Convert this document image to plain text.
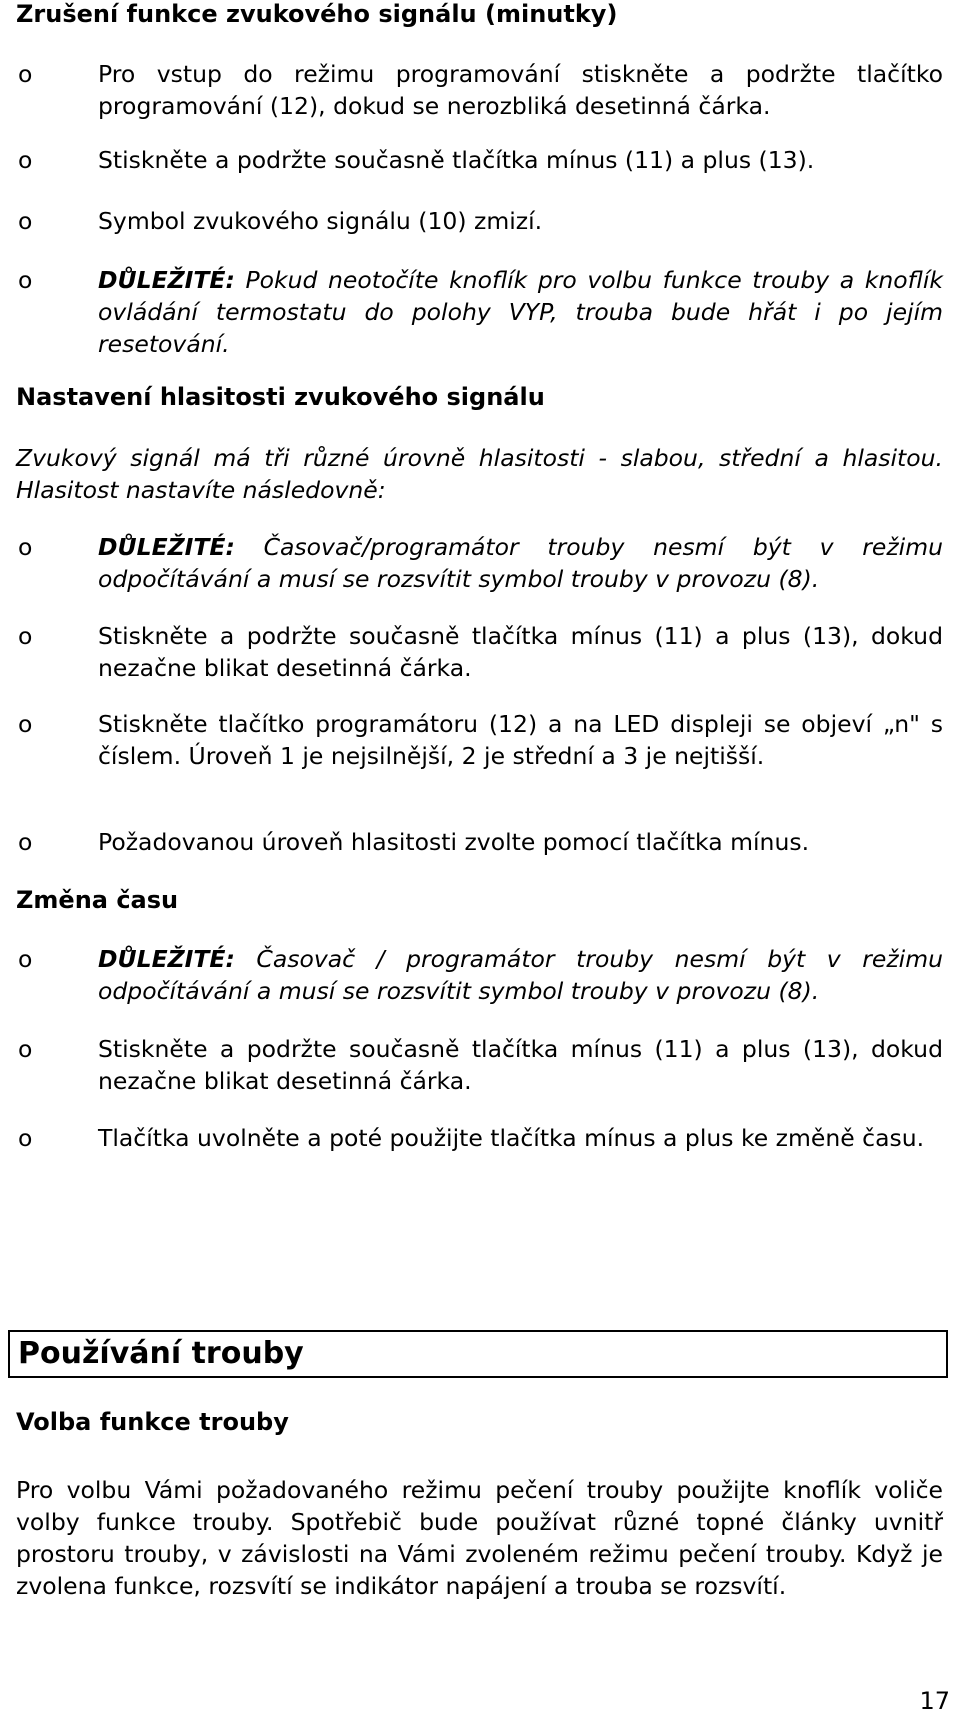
Zrušení funkce zvukového signálu (minutky)
o	Pro vstup do režimu programování stiskněte a podržte tlačítko programování (12), dokud se nerozbliká desetinná čárka.
o	Stiskněte a podržte současně tlačítka mínus (11) a plus (13).
o	Symbol zvukového signálu (10) zmizí.
o	DŮLEŽITÉ: Pokud neotočíte knoflík pro volbu funkce trouby a knoflík ovládání termostatu do polohy VYP, trouba bude hřát i po jejím resetování.
Nastavení hlasitosti zvukového signálu
Zvukový signál má tři různé úrovně hlasitosti - slabou, střední a hlasitou. Hlasitost nastavíte následovně:
o	DŮLEŽITÉ: Časovač/programátor trouby nesmí být v režimu odpočítávání a musí se rozsvítit symbol trouby v provozu (8).
o	Stiskněte a podržte současně tlačítka mínus (11) a plus (13), dokud nezačne blikat desetinná čárka.
o	Stiskněte tlačítko programátoru (12) a na LED displeji se objeví „n" s číslem. Úroveň 1 je nejsilnější, 2 je střední a 3 je nejtišší.
o	Požadovanou úroveň hlasitosti zvolte pomocí tlačítka mínus.
Změna času
o	DŮLEŽITÉ: Časovač / programátor trouby nesmí být v režimu odpočítávání a musí se rozsvítit symbol trouby v provozu (8).
o	Stiskněte a podržte současně tlačítka mínus (11) a plus (13), dokud nezačne blikat desetinná čárka.
o	Tlačítka uvolněte a poté použijte tlačítka mínus a plus ke změně času.
Používání trouby
Volba funkce trouby
Pro volbu Vámi požadovaného režimu pečení trouby použijte knoflík voliče volby funkce trouby. Spotřebič bude používat různé topné články uvnitř prostoru trouby, v závislosti na Vámi zvoleném režimu pečení trouby. Když je zvolena funkce, rozsvítí se indikátor napájení a trouba se rozsvítí.
17
